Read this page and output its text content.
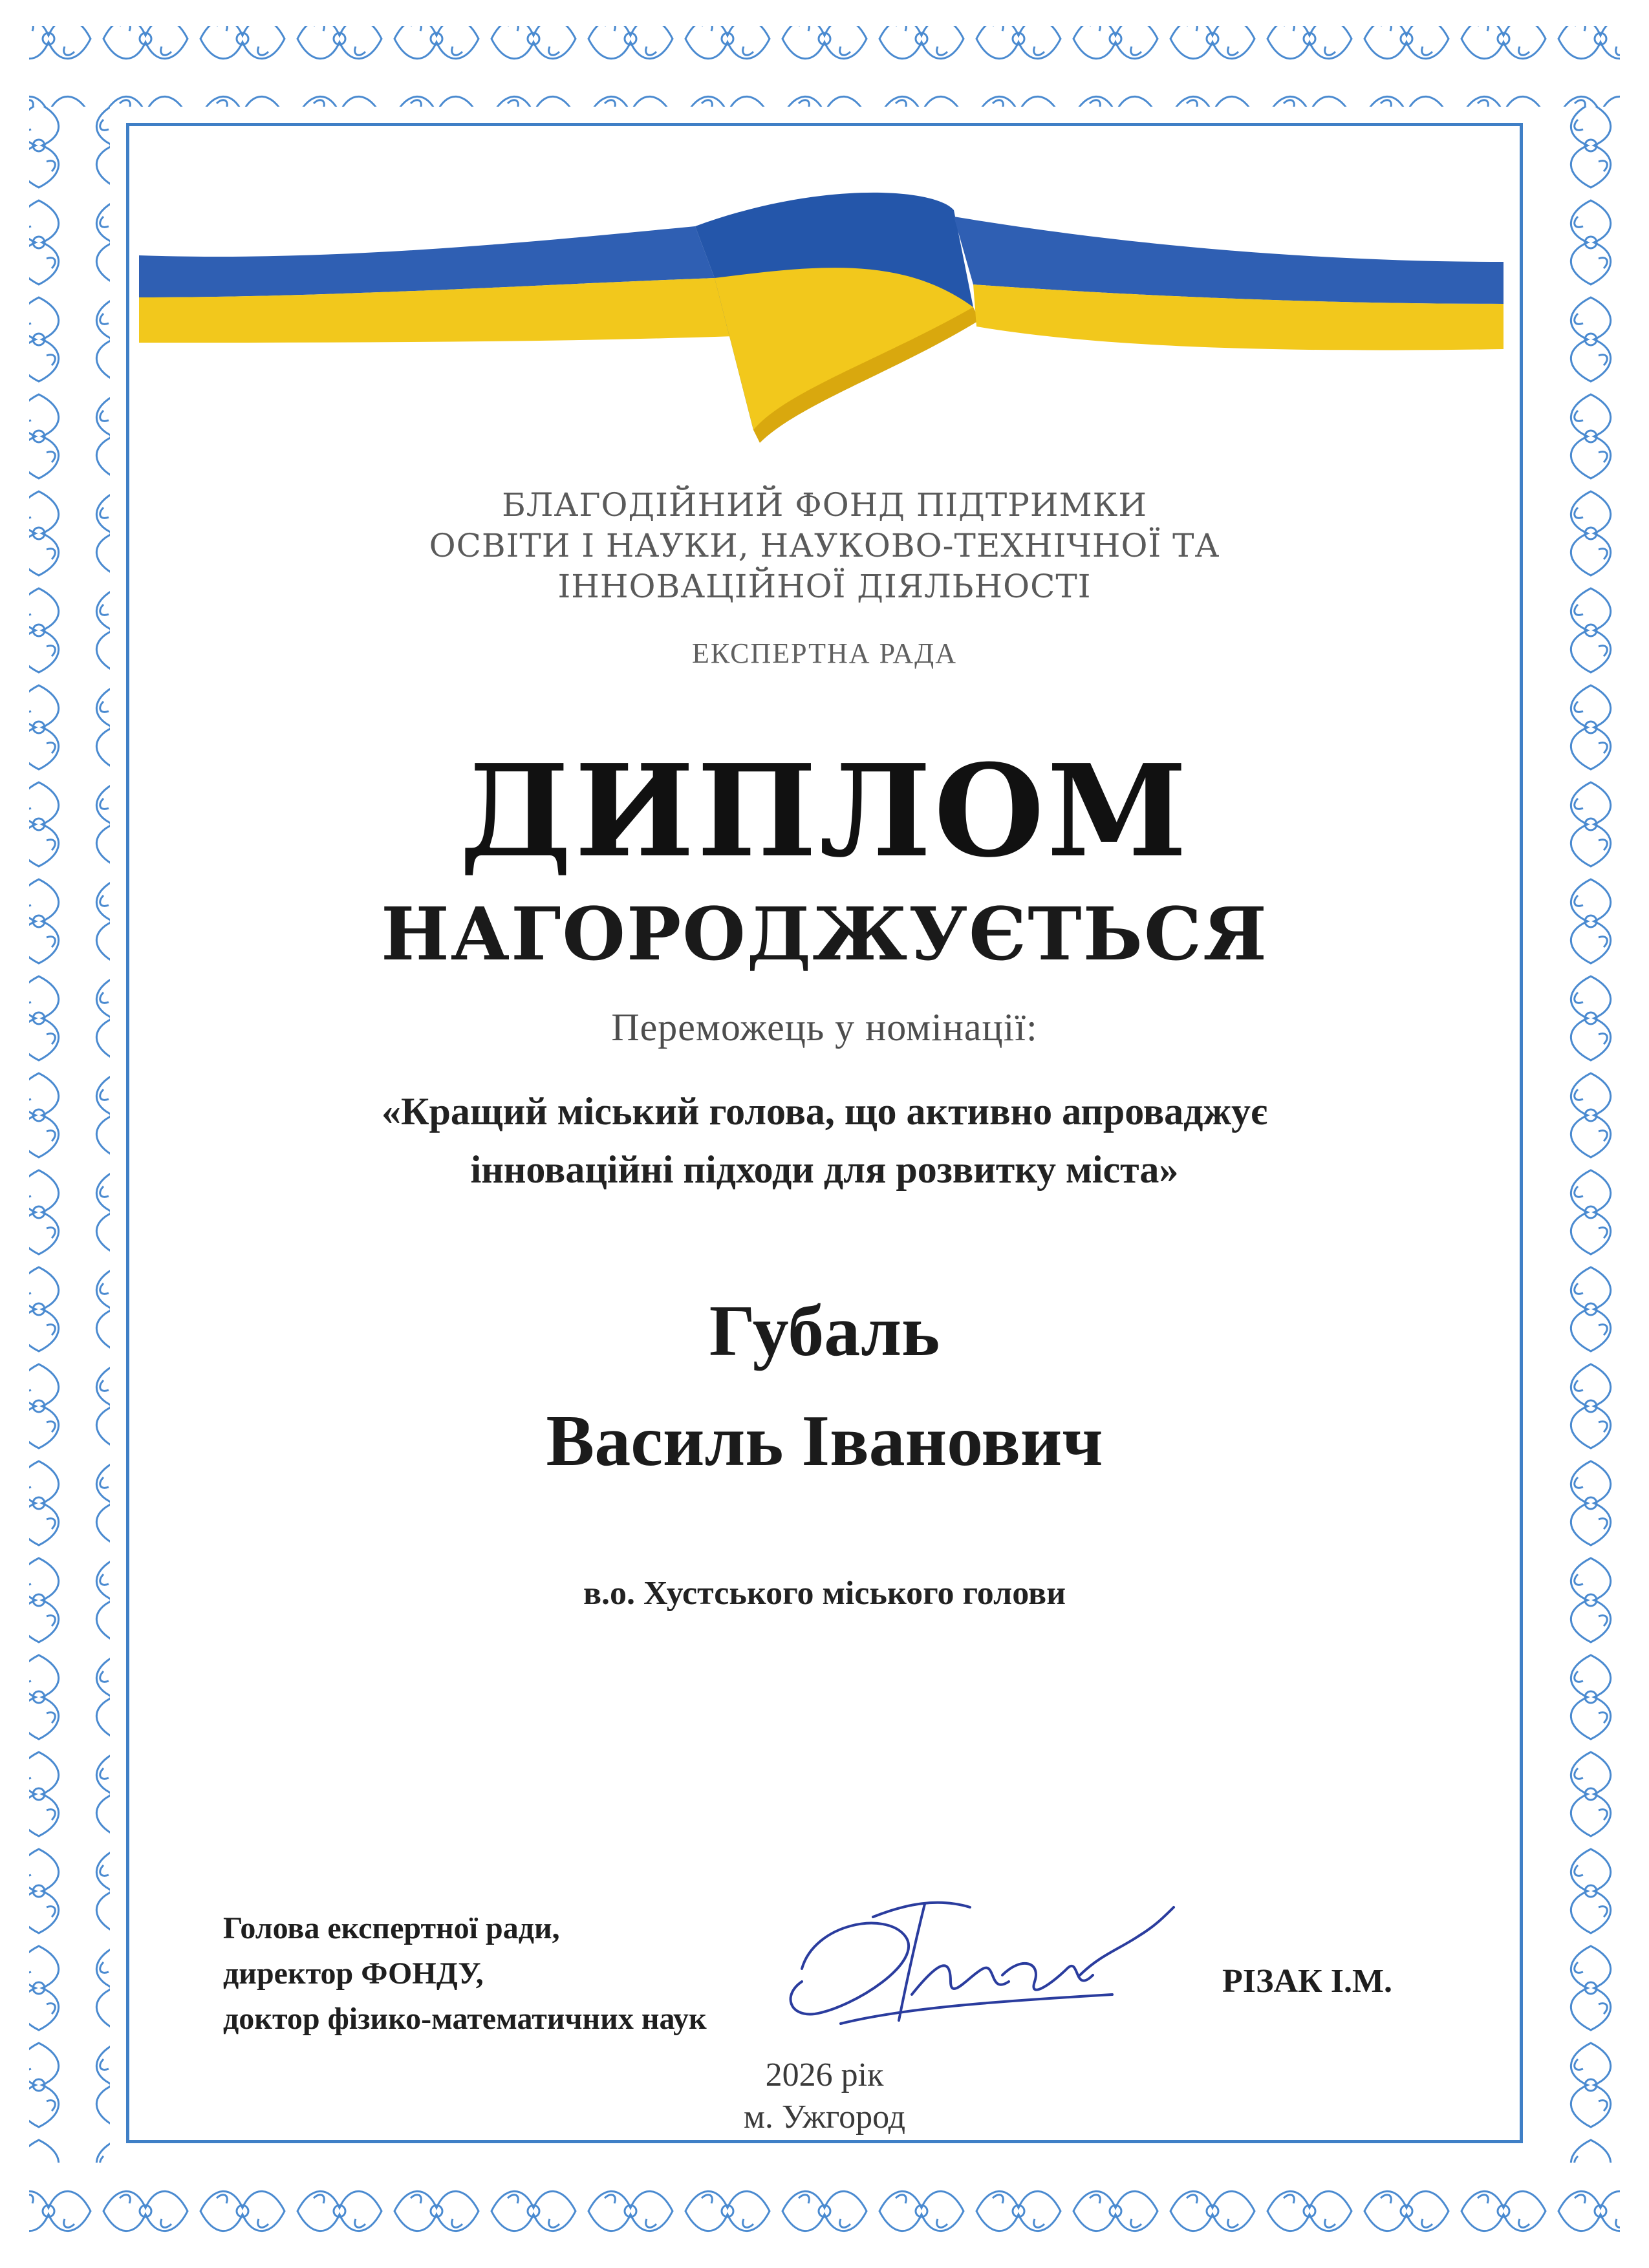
БЛАГОДІЙНИЙ ФОНД ПІДТРИМКИ
ОСВІТИ І НАУКИ, НАУКОВО-ТЕХНІЧНОЇ ТА
ІННОВАЦІЙНОЇ ДІЯЛЬНОСТІ
ЕКСПЕРТНА РАДА
ДИПЛОМ
НАГОРОДЖУЄТЬСЯ
Переможець у номінації:
«Кращий міський голова, що активно апроваджує
інноваційні підходи для розвитку міста»
Губаль
Василь Іванович
в.о. Хустського міського голови
Голова експертної ради,
директор ФОНДУ,
доктор фізико-математичних наук
РІЗАК І.М.
2026 рік
м. Ужгород
